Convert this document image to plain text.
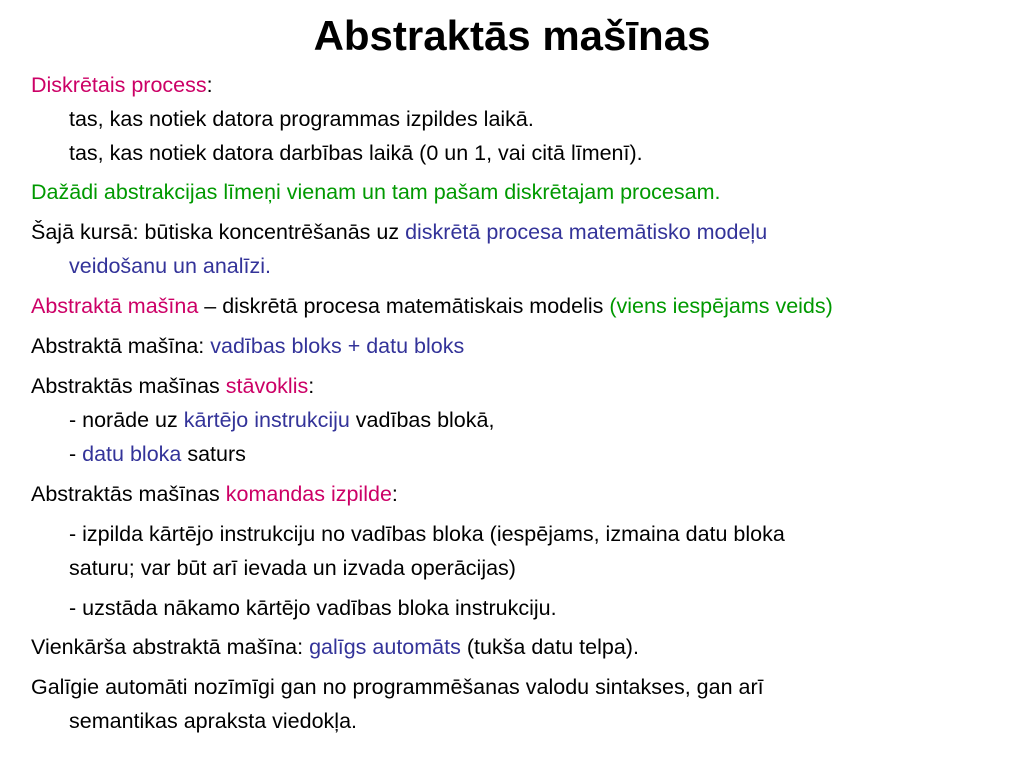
Abstraktās mašīnas

Diskrētais process:

tas, kas notiek datora programmas izpildes laikā.

tas, kas notiek datora darbības laikā (0 un 1, vai citā līmenī).

Dažādi abstrakcijas līmeņi vienam un tam pašam diskrētajam procesam.

Šajā kursā: būtiska koncentrēšanās uz diskrētā procesa matemātisko modeļu

veidošanu un analīzi.

Abstraktā mašīna – diskrētā procesa matemātiskais modelis (viens iespējams veids)

Abstraktā mašīna: vadības bloks + datu bloks

Abstraktās mašīnas stāvoklis:

- norāde uz kārtējo instrukciju vadības blokā,

- datu bloka saturs

Abstraktās mašīnas komandas izpilde:

- izpilda kārtējo instrukciju no vadības bloka (iespējams, izmaina datu bloka

saturu; var būt arī ievada un izvada operācijas)

- uzstāda nākamo kārtējo vadības bloka instrukciju.

Vienkārša abstraktā mašīna: galīgs automāts (tukša datu telpa).

Galīgie automāti nozīmīgi gan no programmēšanas valodu sintakses, gan arī

semantikas apraksta viedokļa.
